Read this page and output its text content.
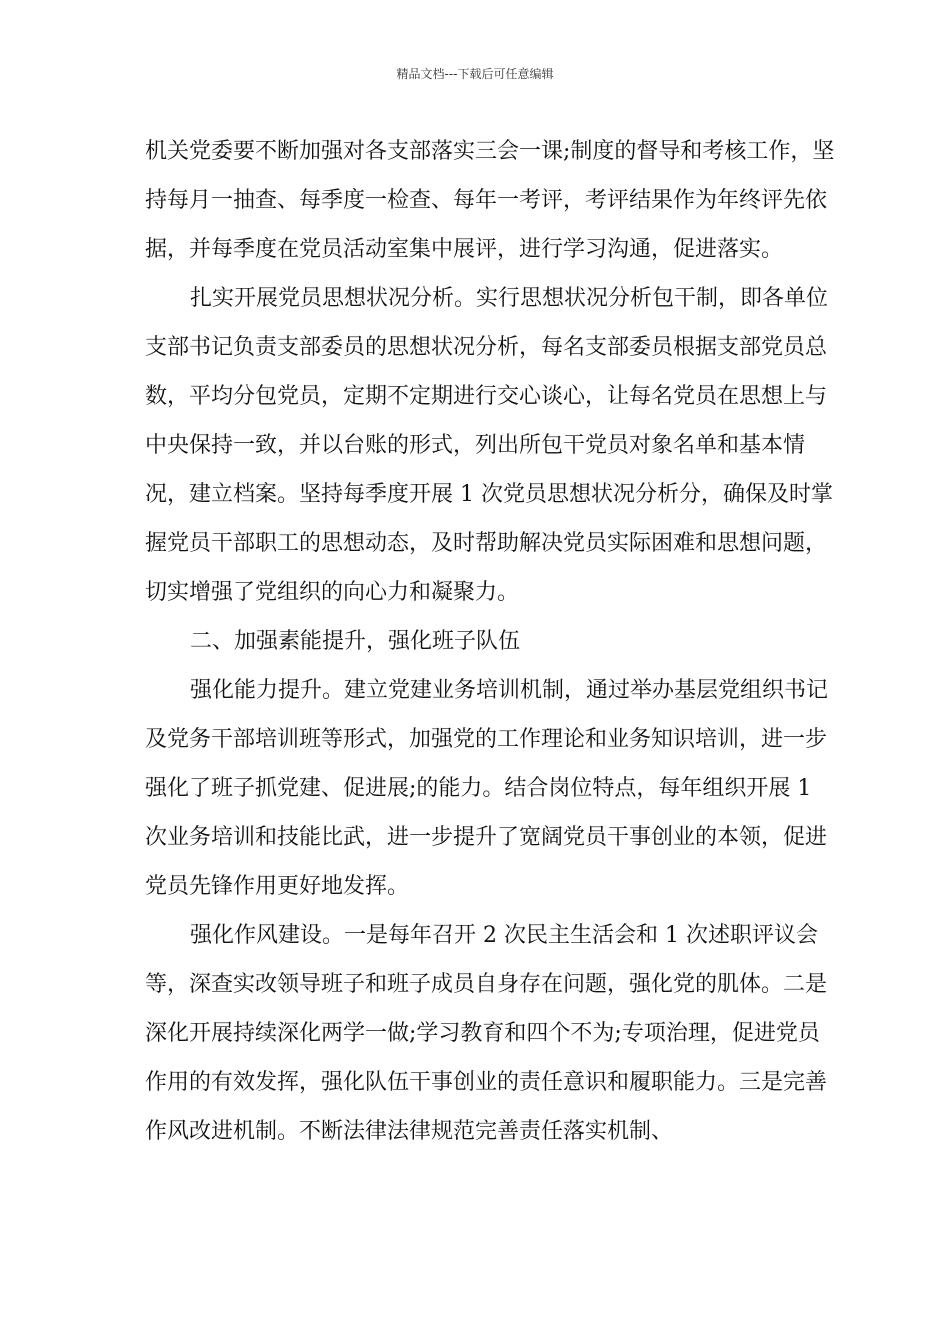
精品文档---下载后可任意编辑

机关党委要不断加强对各支部落实三会一课;制度的督导和考核工作，坚持每月一抽查、每季度一检查、每年一考评，考评结果作为年终评先依据，并每季度在党员活动室集中展评，进行学习沟通，促进落实。

扎实开展党员思想状况分析。实行思想状况分析包干制，即各单位支部书记负责支部委员的思想状况分析，每名支部委员根据支部党员总数，平均分包党员，定期不定期进行交心谈心，让每名党员在思想上与中央保持一致，并以台账的形式，列出所包干党员对象名单和基本情况，建立档案。坚持每季度开展 1 次党员思想状况分析分，确保及时掌握党员干部职工的思想动态，及时帮助解决党员实际困难和思想问题，切实增强了党组织的向心力和凝聚力。

二、加强素能提升，强化班子队伍

强化能力提升。建立党建业务培训机制，通过举办基层党组织书记及党务干部培训班等形式，加强党的工作理论和业务知识培训，进一步强化了班子抓党建、促进展;的能力。结合岗位特点，每年组织开展 1 次业务培训和技能比武，进一步提升了宽阔党员干事创业的本领，促进党员先锋作用更好地发挥。

强化作风建设。一是每年召开 2 次民主生活会和 1 次述职评议会等，深查实改领导班子和班子成员自身存在问题，强化党的肌体。二是深化开展持续深化两学一做;学习教育和四个不为;专项治理，促进党员作用的有效发挥，强化队伍干事创业的责任意识和履职能力。三是完善作风改进机制。不断法律法律规范完善责任落实机制、
